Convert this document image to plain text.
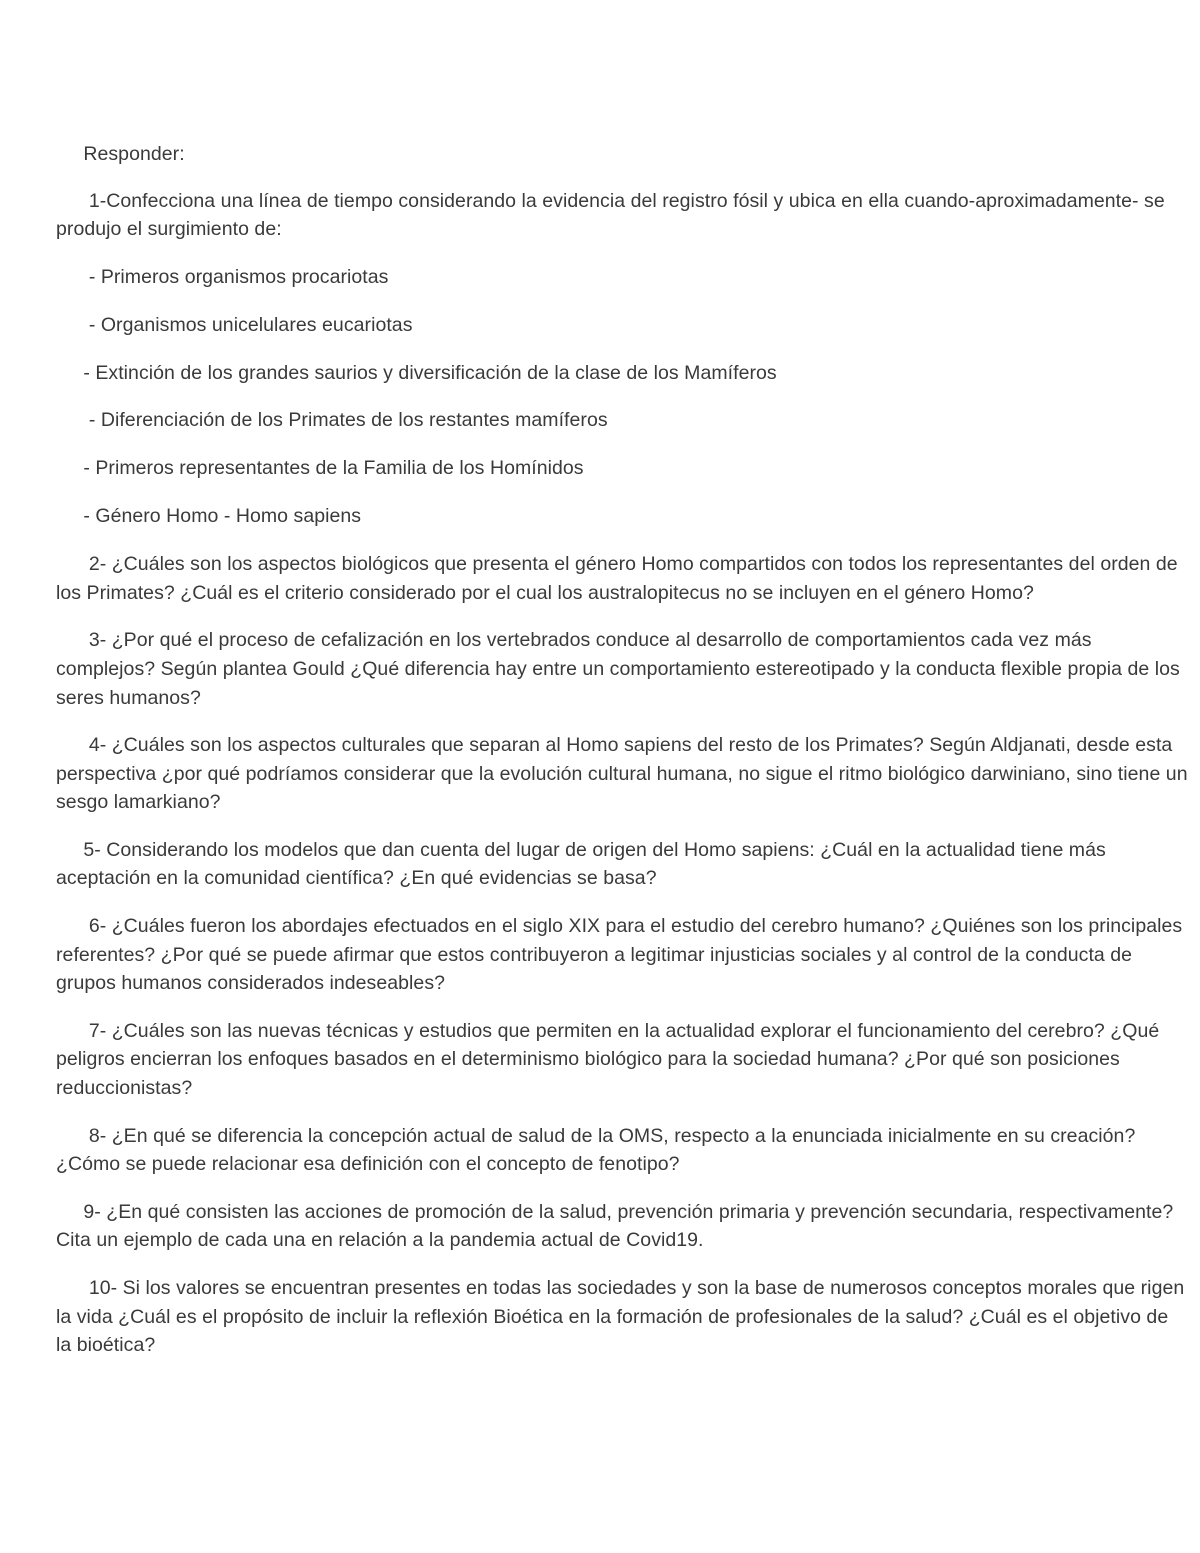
Responder:

1-Confecciona una línea de tiempo considerando la evidencia del registro fósil y ubica en ella cuando-aproximadamente- se produjo el surgimiento de:

- Primeros organismos procariotas

- Organismos unicelulares eucariotas

- Extinción de los grandes saurios y diversificación de la clase de los Mamíferos

- Diferenciación de los Primates de los restantes mamíferos

- Primeros representantes de la Familia de los Homínidos

- Género Homo - Homo sapiens

2- ¿Cuáles son los aspectos biológicos que presenta el género Homo compartidos con todos los representantes del orden de los Primates? ¿Cuál es el criterio considerado por el cual los australopitecus no se incluyen en el género Homo?

3- ¿Por qué el proceso de cefalización en los vertebrados conduce al desarrollo de comportamientos cada vez más complejos? Según plantea Gould ¿Qué diferencia hay entre un comportamiento estereotipado y la conducta flexible propia de los seres humanos?

4- ¿Cuáles son los aspectos culturales que separan al Homo sapiens del resto de los Primates? Según Aldjanati, desde esta perspectiva ¿por qué podríamos considerar que la evolución cultural humana, no sigue el ritmo biológico darwiniano, sino tiene un sesgo lamarkiano?

5- Considerando los modelos que dan cuenta del lugar de origen del Homo sapiens: ¿Cuál en la actualidad tiene más aceptación en la comunidad científica? ¿En qué evidencias se basa?

6- ¿Cuáles fueron los abordajes efectuados en el siglo XIX para el estudio del cerebro humano? ¿Quiénes son los principales referentes? ¿Por qué se puede afirmar que estos contribuyeron a legitimar injusticias sociales y al control de la conducta de grupos humanos considerados indeseables?

7- ¿Cuáles son las nuevas técnicas y estudios que permiten en la actualidad explorar el funcionamiento del cerebro? ¿Qué peligros encierran los enfoques basados en el determinismo biológico para la sociedad humana? ¿Por qué son posiciones reduccionistas?

8- ¿En qué se diferencia la concepción actual de salud de la OMS, respecto a la enunciada inicialmente en su creación? ¿Cómo se puede relacionar esa definición con el concepto de fenotipo?

9- ¿En qué consisten las acciones de promoción de la salud, prevención primaria y prevención secundaria, respectivamente? Cita un ejemplo de cada una en relación a la pandemia actual de Covid19.

10- Si los valores se encuentran presentes en todas las sociedades y son la base de numerosos conceptos morales que rigen la vida ¿Cuál es el propósito de incluir la reflexión Bioética en la formación de profesionales de la salud? ¿Cuál es el objetivo de la bioética?
